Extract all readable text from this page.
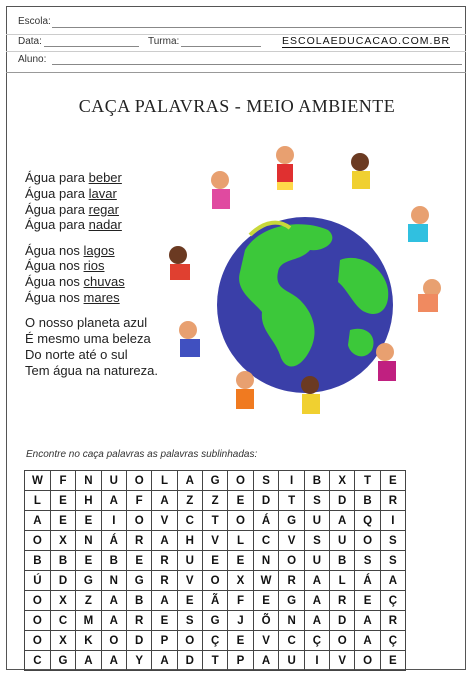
Escola:
Data:	Turma:	ESCOLAEDUCACAO.COM.BR
Aluno:
CAÇA PALAVRAS - MEIO AMBIENTE
Água para beber
Água para lavar
Água para regar
Água para nadar
Água nos lagos
Água nos rios
Água nos chuvas
Água nos mares
O nosso planeta azul
É mesmo uma beleza
Do norte até o sul
Tem água na natureza.
Encontre no caça palavras as palavras sublinhadas:
W	F	N	U	O	L	A	G	O	S	I	B	X	T	E
L	E	H	A	F	A	Z	Z	E	D	T	S	D	B	R
A	E	E	I	O	V	C	T	O	Á	G	U	A	Q	I
O	X	N	Á	R	A	H	V	L	C	V	S	U	O	S
B	B	E	B	E	R	U	E	E	N	O	U	B	S	S
Ú	D	G	N	G	R	V	O	X	W	R	A	L	Á	A
O	X	Z	A	B	A	E	Ã	F	E	G	A	R	E	Ç
O	C	M	A	R	E	S	G	J	Õ	N	A	D	A	R
O	X	K	O	D	P	O	Ç	E	V	C	Ç	O	A	Ç
C	G	A	A	Y	A	D	T	P	A	U	I	V	O	E
